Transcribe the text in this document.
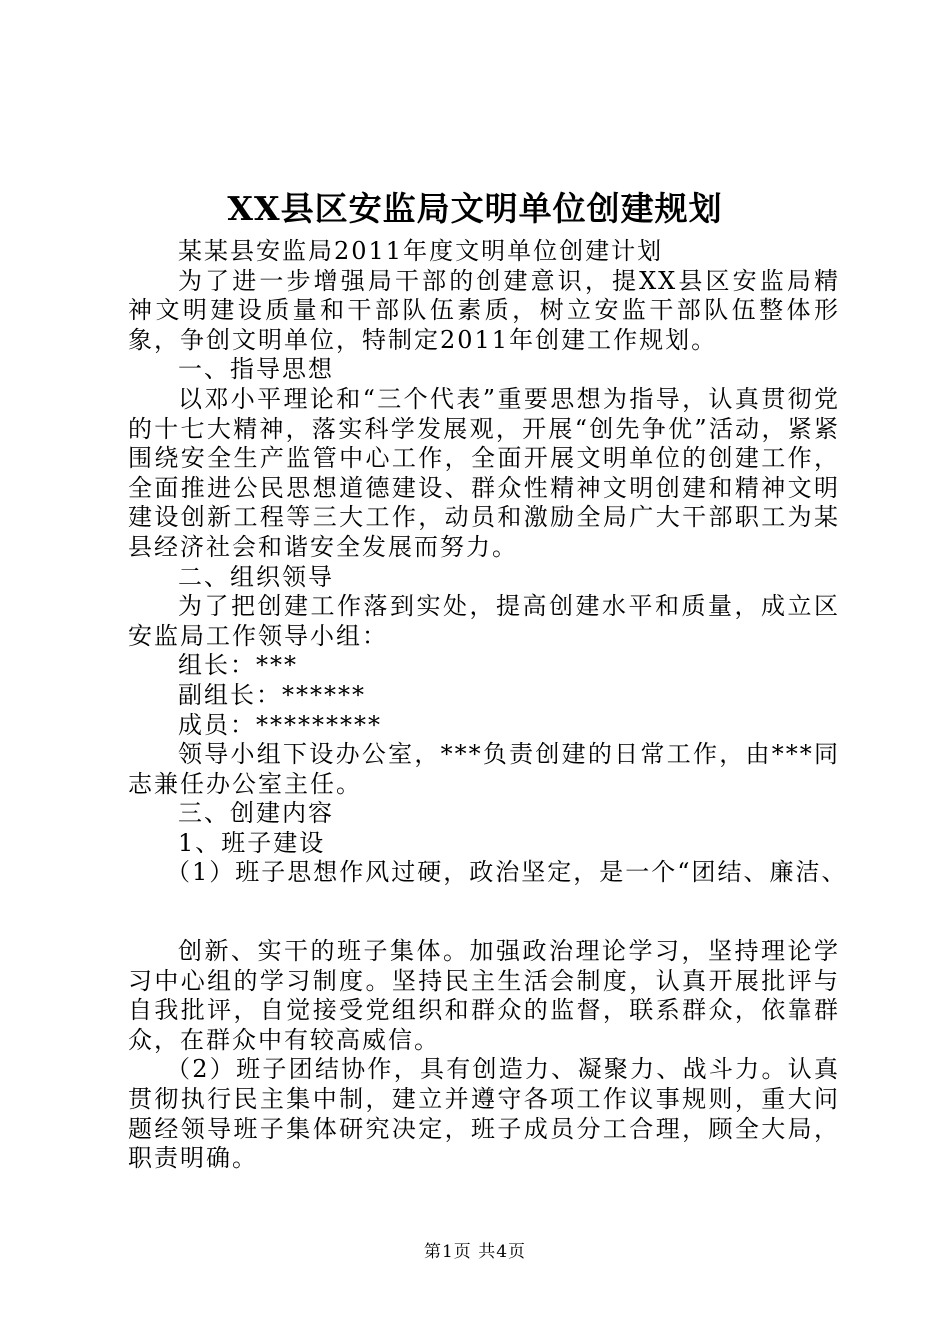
XX县区安监局文明单位创建规划

某某县安监局2011年度文明单位创建计划

为了进一步增强局干部的创建意识，提XX县区安监局精神文明建设质量和干部队伍素质，树立安监干部队伍整体形象，争创文明单位，特制定2011年创建工作规划。

一、指导思想

以邓小平理论和“三个代表”重要思想为指导，认真贯彻党的十七大精神，落实科学发展观，开展“创先争优”活动，紧紧围绕安全生产监管中心工作，全面开展文明单位的创建工作，全面推进公民思想道德建设、群众性精神文明创建和精神文明建设创新工程等三大工作，动员和激励全局广大干部职工为某县经济社会和谐安全发展而努力。

二、组织领导

为了把创建工作落到实处，提高创建水平和质量，成立区安监局工作领导小组：

组长：***

副组长：******

成员：*********

领导小组下设办公室，***负责创建的日常工作，由***同志兼任办公室主任。

三、创建内容

1、班子建设

（1）班子思想作风过硬，政治坚定，是一个“团结、廉洁、

创新、实干的班子集体。加强政治理论学习，坚持理论学习中心组的学习制度。坚持民主生活会制度，认真开展批评与自我批评，自觉接受党组织和群众的监督，联系群众，依靠群众，在群众中有较高威信。

（2）班子团结协作，具有创造力、凝聚力、战斗力。认真贯彻执行民主集中制，建立并遵守各项工作议事规则，重大问题经领导班子集体研究决定，班子成员分工合理，顾全大局，职责明确。

第1页 共4页
